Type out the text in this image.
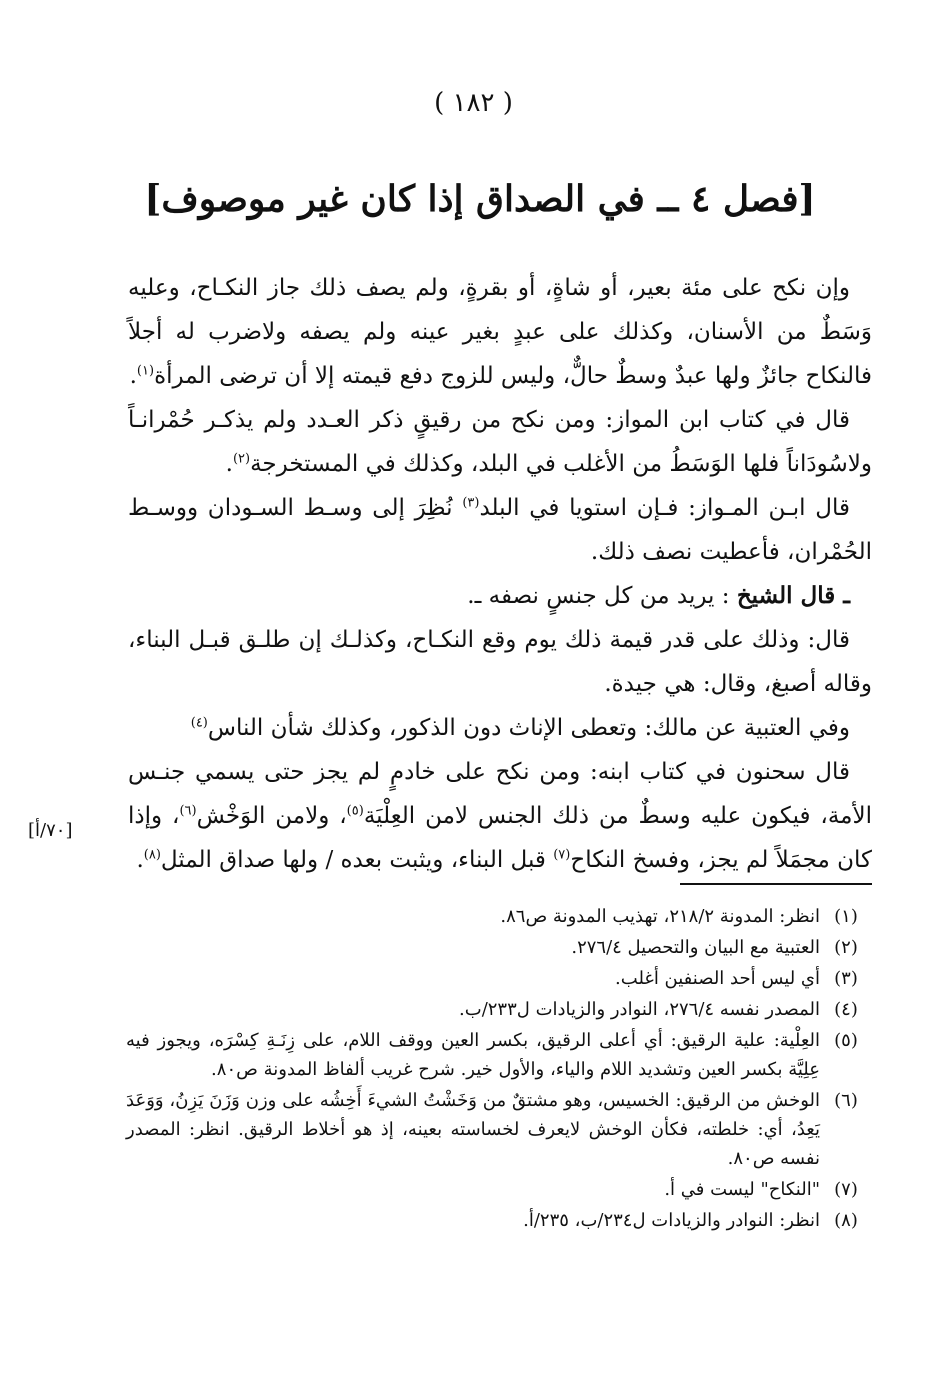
( ١٨٢ )
[فصل ٤ ــ في الصداق إذا كان غير موصوف]

وإن نكح على مئة بعير، أو شاةٍ، أو بقرةٍ، ولم يصف ذلك جاز النكـاح، وعليه وَسَطٌ من الأسنان، وكذلك على عبدٍ بغير عينه ولم يصفه ولاضرب له أجلاً فالنكاح جائزٌ ولها عبدٌ وسطٌ حالٌّ، وليس للزوج دفع قيمته إلا أن ترضى المرأة$^{(١)}$.

قال في كتاب ابن المواز: ومن نكح من رقيقٍ ذكر العـدد ولم يذكـر حُمْرانـاً ولاسُودَاناً فلها الوَسَطُ من الأغلب في البلد، وكذلك في المستخرجة$^{(٢)}$.

قال ابـن المـواز: فـإن استويا في البلد$^{(٣)}$ نُظِرَ إلى وسـط السـودان ووسـط الحُمْران، فأعطيت نصف ذلك.

ـ قال الشيخ : يريد من كل جنسٍ نصفه ـ.

قال: وذلك على قدر قيمة ذلك يوم وقع النكـاح، وكذلـك إن طلـق قبـل البناء، وقاله أصبغ، وقال: هي جيدة.

وفي العتبية عن مالك: وتعطى الإناث دون الذكور، وكذلك شأن الناس$^{(٤)}$

قال سحنون في كتاب ابنه: ومن نكح على خادمٍ لم يجز حتى يسمي جنـس الأمة، فيكون عليه وسطٌ من ذلك الجنس لامن العِلْيَة$^{(٥)}$، ولامن الوَخْش$^{(٦)}$، وإذا كان مجمَلاً لم يجز، وفسخ النكاح$^{(٧)}$ قبل البناء، ويثبت بعده / ولها صداق المثل$^{(٨)}$.

[٧٠/أ]
(١)
انظر: المدونة ٢١٨/٢، تهذيب المدونة ص٨٦.
(٢)
العتبية مع البيان والتحصيل ٢٧٦/٤.
(٣)
أي ليس أحد الصنفين أغلب.
(٤)
المصدر نفسه ٢٧٦/٤، النوادر والزيادات ل٢٣٣/ب.
(٥)
العِلْية: علية الرقيق: أي أعلى الرقيق، بكسر العين ووقف اللام، على زِنَـةِ كِسْرَه، ويجوز فيه عِلِيَّة بكسر العين وتشديد اللام والياء، والأول خير. شرح غريب ألفاظ المدونة ص٨٠.
(٦)
الوخش من الرقيق: الخسيس، وهو مشتقٌ من وَخَشْتُ الشيءَ أَخِشُه على وزن وَزَنَ يَزِنُ، وَوَعَدَ يَعِدُ، أي: خلطته، فكأن الوخش لايعرف لخساسته بعينه، إذ هو أخلاط الرقيق. انظر: المصدر نفسه ص٨٠.
(٧)
"النكاح" ليست في أ.
(٨)
انظر: النوادر والزيادات ل٢٣٤/ب، ٢٣٥/أ.
